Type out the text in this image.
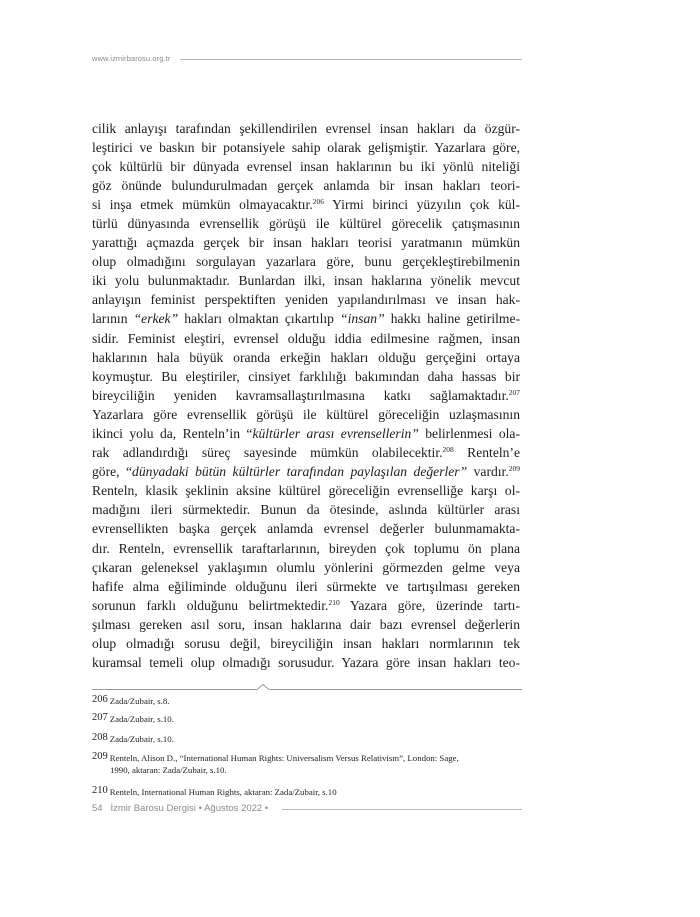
www.izmirbarosu.org.tr
cilik anlayışı tarafından şekillendirilen evrensel insan hakları da özgür-
leştirici ve baskın bir potansiyele sahip olarak gelişmiştir. Yazarlara göre,
çok kültürlü bir dünyada evrensel insan haklarının bu iki yönlü niteliği
göz önünde bulundurulmadan gerçek anlamda bir insan hakları teori-
si inşa etmek mümkün olmayacaktır.$^{206}$ Yirmi birinci yüzyılın çok kül-
türlü dünyasında evrensellik görüşü ile kültürel görecelik çatışmasının
yarattığı açmazda gerçek bir insan hakları teorisi yaratmanın mümkün
olup olmadığını sorgulayan yazarlara göre, bunu gerçekleştirebilmenin
iki yolu bulunmaktadır. Bunlardan ilki, insan haklarına yönelik mevcut
anlayışın feminist perspektiften yeniden yapılandırılması ve insan hak-
larının “erkek” hakları olmaktan çıkartılıp “insan” hakkı haline getirilme-
sidir. Feminist eleştiri, evrensel olduğu iddia edilmesine rağmen, insan
haklarının hala büyük oranda erkeğin hakları olduğu gerçeğini ortaya
koymuştur. Bu eleştiriler, cinsiyet farklılığı bakımından daha hassas bir
bireyciliğin yeniden kavramsallaştırılmasına katkı sağlamaktadır.$^{207}$
Yazarlara göre evrensellik görüşü ile kültürel göreceliğin uzlaşmasının
ikinci yolu da, Renteln’in “kültürler arası evrensellerin” belirlenmesi ola-
rak adlandırdığı süreç sayesinde mümkün olabilecektir.$^{208}$ Renteln’e
göre, “dünyadaki bütün kültürler tarafından paylaşılan değerler” vardır.$^{209}$
Renteln, klasik şeklinin aksine kültürel göreceliğin evrenselliğe karşı ol-
madığını ileri sürmektedir. Bunun da ötesinde, aslında kültürler arası
evrensellikten başka gerçek anlamda evrensel değerler bulunmamakta-
dır. Renteln, evrensellik taraftarlarının, bireyden çok toplumu ön plana
çıkaran geleneksel yaklaşımın olumlu yönlerini görmezden gelme veya
hafife alma eğiliminde olduğunu ileri sürmekte ve tartışılması gereken
sorunun farklı olduğunu belirtmektedir.$^{210}$ Yazara göre, üzerinde tartı-
şılması gereken asıl soru, insan haklarına dair bazı evrensel değerlerin
olup olmadığı sorusu değil, bireyciliğin insan hakları normlarının tek
kuramsal temeli olup olmadığı sorusudur. Yazara göre insan hakları teo-
206 Zada/Zubair, s.8.
207 Zada/Zubair, s.10.
208 Zada/Zubair, s.10.
209 Renteln, Alison D., “International Human Rights: Universalism Versus Relativism”, London: Sage,
1990, aktaran: Zada/Zubair, s.10.
210 Renteln, International Human Rights, aktaran: Zada/Zubair, s.10
54 İzmir Barosu Dergisi • Ağustos 2022 •
